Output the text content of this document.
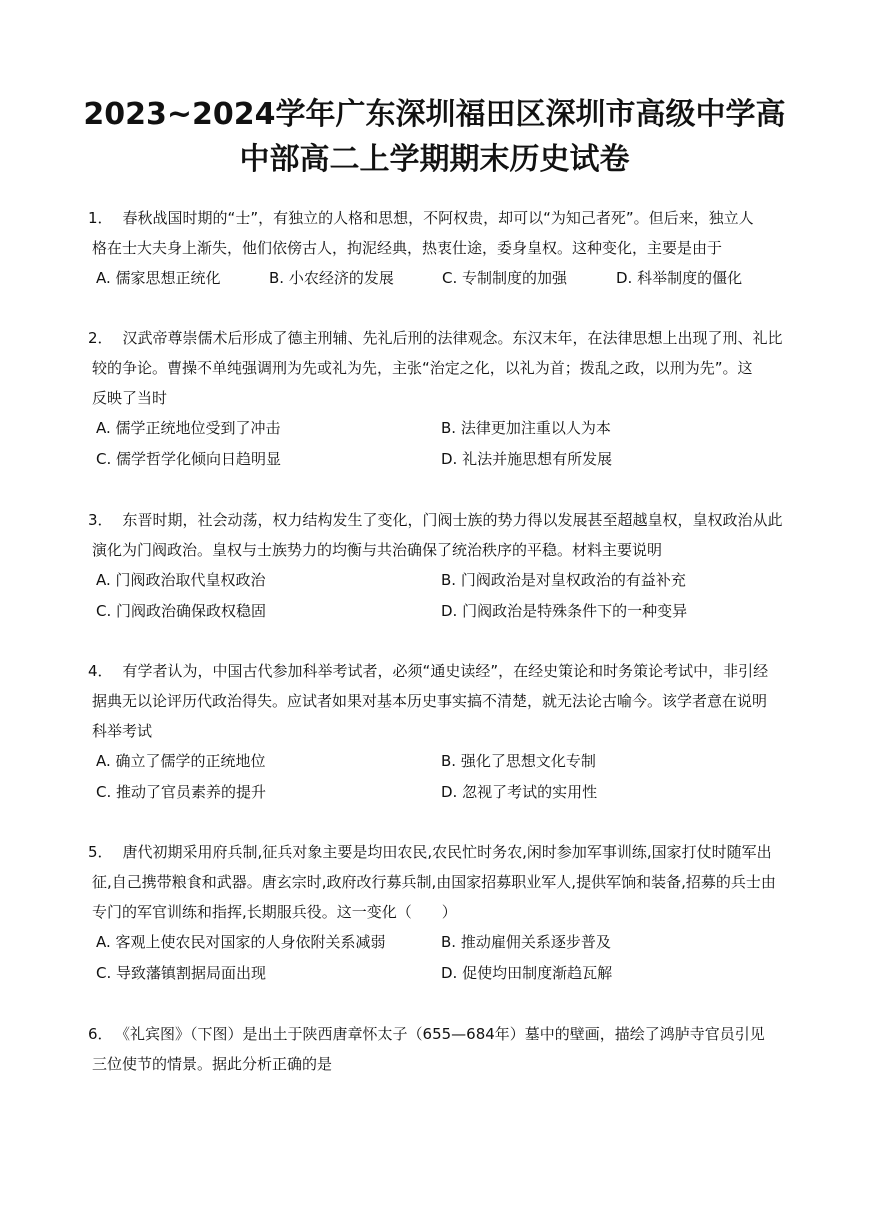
2023~2024学年广东深圳福田区深圳市高级中学高
中部高二上学期期末历史试卷
1． 春秋战国时期的“士”，有独立的人格和思想，不阿权贵，却可以“为知己者死”。但后来，独立人
格在士大夫身上渐失，他们依傍古人，拘泥经典，热衷仕途，委身皇权。这种变化，主要是由于
A. 儒家思想正统化	B. 小农经济的发展	C. 专制制度的加强	D. 科举制度的僵化
2． 汉武帝尊崇儒术后形成了德主刑辅、先礼后刑的法律观念。东汉末年，在法律思想上出现了刑、礼比
较的争论。曹操不单纯强调刑为先或礼为先，主张“治定之化，以礼为首；拨乱之政，以刑为先”。这
反映了当时
A. 儒学正统地位受到了冲击	B. 法律更加注重以人为本
C. 儒学哲学化倾向日趋明显	D. 礼法并施思想有所发展
3． 东晋时期，社会动荡，权力结构发生了变化，门阀士族的势力得以发展甚至超越皇权，皇权政治从此
演化为门阀政治。皇权与士族势力的均衡与共治确保了统治秩序的平稳。材料主要说明
A. 门阀政治取代皇权政治	B. 门阀政治是对皇权政治的有益补充
C. 门阀政治确保政权稳固	D. 门阀政治是特殊条件下的一种变异
4． 有学者认为，中国古代参加科举考试者，必须“通史读经”，在经史策论和时务策论考试中，非引经
据典无以论评历代政治得失。应试者如果对基本历史事实搞不清楚，就无法论古喻今。该学者意在说明
科举考试
A. 确立了儒学的正统地位	B. 强化了思想文化专制
C. 推动了官员素养的提升	D. 忽视了考试的实用性
5． 唐代初期采用府兵制,征兵对象主要是均田农民,农民忙时务农,闲时参加军事训练,国家打仗时随军出
征,自己携带粮食和武器。唐玄宗时,政府改行募兵制,由国家招募职业军人,提供军饷和装备,招募的兵士由
专门的军官训练和指挥,长期服兵役。这一变化（　　）
A. 客观上使农民对国家的人身依附关系减弱	B. 推动雇佣关系逐步普及
C. 导致藩镇割据局面出现	D. 促使均田制度渐趋瓦解
6． 《礼宾图》（下图）是出土于陕西唐章怀太子（655—684年）墓中的壁画，描绘了鸿胪寺官员引见
三位使节的情景。据此分析正确的是
